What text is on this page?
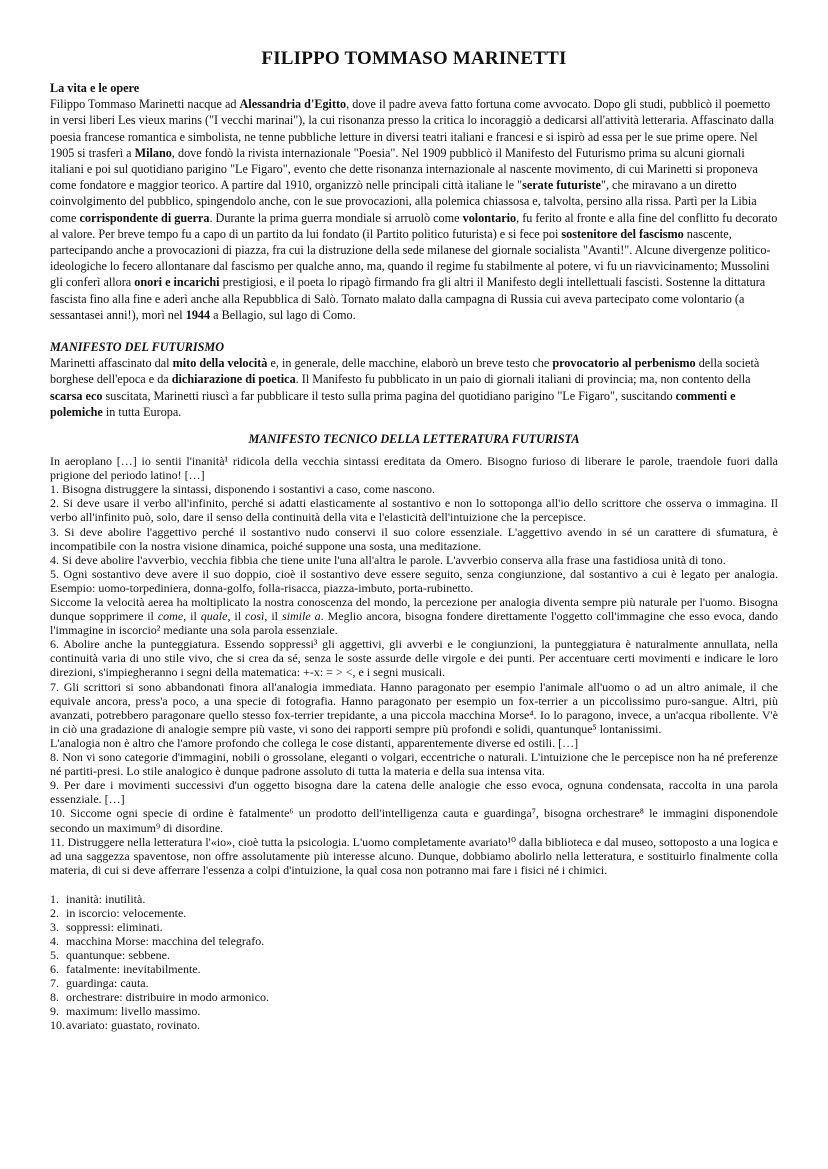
FILIPPO TOMMASO MARINETTI
La vita e le opere

Filippo Tommaso Marinetti nacque ad Alessandria d'Egitto, dove il padre aveva fatto fortuna come avvocato. Dopo gli studi, pubblicò il poemetto in versi liberi Les vieux marins ("I vecchi marinai"), la cui risonanza presso la critica lo incoraggiò a dedicarsi all'attività letteraria. Affascinato dalla poesia francese romantica e simbolista, ne tenne pubbliche letture in diversi teatri italiani e francesi e si ispirò ad essa per le sue prime opere. Nel 1905 si trasferì a Milano, dove fondò la rivista internazionale "Poesia". Nel 1909 pubblicò il Manifesto del Futurismo prima su alcuni giornali italiani e poi sul quotidiano parigino "Le Figaro", evento che dette risonanza internazionale al nascente movimento, di cui Marinetti si proponeva come fondatore e maggior teorico. A partire dal 1910, organizzò nelle principali città italiane le "serate futuriste", che miravano a un diretto coinvolgimento del pubblico, spingendolo anche, con le sue provocazioni, alla polemica chiassosa e, talvolta, persino alla rissa. Partì per la Libia come corrispondente di guerra. Durante la prima guerra mondiale si arruolò come volontario, fu ferito al fronte e alla fine del conflitto fu decorato al valore. Per breve tempo fu a capo di un partito da lui fondato (il Partito politico futurista) e si fece poi sostenitore del fascismo nascente, partecipando anche a provocazioni di piazza, fra cui la distruzione della sede milanese del giornale socialista "Avanti!". Alcune divergenze politico-ideologiche lo fecero allontanare dal fascismo per qualche anno, ma, quando il regime fu stabilmente al potere, vi fu un riavvicinamento; Mussolini gli conferì allora onori e incarichi prestigiosi, e il poeta lo ripagò firmando fra gli altri il Manifesto degli intellettuali fascisti. Sostenne la dittatura fascista fino alla fine e aderì anche alla Repubblica di Salò. Tornato malato dalla campagna di Russia cui aveva partecipato come volontario (a sessantasei anni!), morì nel 1944 a Bellagio, sul lago di Como.

MANIFESTO DEL FUTURISMO

Marinetti affascinato dal mito della velocità e, in generale, delle macchine, elaborò un breve testo che provocatorio al perbenismo della società borghese dell'epoca e da dichiarazione di poetica. Il Manifesto fu pubblicato in un paio di giornali italiani di provincia; ma, non contento della scarsa eco suscitata, Marinetti riuscì a far pubblicare il testo sulla prima pagina del quotidiano parigino "Le Figaro", suscitando commenti e polemiche in tutta Europa.

MANIFESTO TECNICO DELLA LETTERATURA FUTURISTA

In aeroplano […] io sentii l'inanità¹ ridicola della vecchia sintassi ereditata da Omero. Bisogno furioso di liberare le parole, traendole fuori dalla prigione del periodo latino! […]

1. Bisogna distruggere la sintassi, disponendo i sostantivi a caso, come nascono.

2. Si deve usare il verbo all'infinito, perché si adatti elasticamente al sostantivo e non lo sottoponga all'io dello scrittore che osserva o immagina. Il verbo all'infinito può, solo, dare il senso della continuità della vita e l'elasticità dell'intuizione che la percepisce.

3. Si deve abolire l'aggettivo perché il sostantivo nudo conservi il suo colore essenziale. L'aggettivo avendo in sé un carattere di sfumatura, è incompatibile con la nostra visione dinamica, poiché suppone una sosta, una meditazione.

4. Si deve abolire l'avverbio, vecchia fibbia che tiene unite l'una all'altra le parole. L'avverbio conserva alla frase una fastidiosa unità di tono.

5. Ogni sostantivo deve avere il suo doppio, cioè il sostantivo deve essere seguito, senza congiunzione, dal sostantivo a cui è legato per analogia. Esempio: uomo-torpediniera, donna-golfo, folla-risacca, piazza-imbuto, porta-rubinetto.

Siccome la velocità aerea ha moltiplicato la nostra conoscenza del mondo, la percezione per analogia diventa sempre più naturale per l'uomo. Bisogna dunque sopprimere il come, il quale, il così, il simile a. Meglio ancora, bisogna fondere direttamente l'oggetto coll'immagine che esso evoca, dando l'immagine in iscorcio² mediante una sola parola essenziale.

6. Abolire anche la punteggiatura. Essendo soppressi³ gli aggettivi, gli avverbi e le congiunzioni, la punteggiatura è naturalmente annullata, nella continuità varia di uno stile vivo, che si crea da sé, senza le soste assurde delle virgole e dei punti. Per accentuare certi movimenti e indicare le loro direzioni, s'impiegheranno i segni della matematica: +-x: = > <, e i segni musicali.

7. Gli scrittori si sono abbandonati finora all'analogia immediata. Hanno paragonato per esempio l'animale all'uomo o ad un altro animale, il che equivale ancora, press'a poco, a una specie di fotografia. Hanno paragonato per esempio un fox-terrier a un piccolissimo puro-sangue. Altri, più avanzati, potrebbero paragonare quello stesso fox-terrier trepidante, a una piccola macchina Morse⁴. Io lo paragono, invece, a un'acqua ribollente. V'è in ciò una gradazione di analogie sempre più vaste, vi sono dei rapporti sempre più profondi e solidi, quantunque⁵ lontanissimi.

L'analogia non è altro che l'amore profondo che collega le cose distanti, apparentemente diverse ed ostili. […]

8. Non vi sono categorie d'immagini, nobili o grossolane, eleganti o volgari, eccentriche o naturali. L'intuizione che le percepisce non ha né preferenze né partiti-presi. Lo stile analogico è dunque padrone assoluto di tutta la materia e della sua intensa vita.

9. Per dare i movimenti successivi d'un oggetto bisogna dare la catena delle analogie che esso evoca, ognuna condensata, raccolta in una parola essenziale. […]

10. Siccome ogni specie di ordine è fatalmente⁶ un prodotto dell'intelligenza cauta e guardinga⁷, bisogna orchestrare⁸ le immagini disponendole secondo un maximum⁹ di disordine.

11. Distruggere nella letteratura l'«io», cioè tutta la psicologia. L'uomo completamente avariato¹⁰ dalla biblioteca e dal museo, sottoposto a una logica e ad una saggezza spaventose, non offre assolutamente più interesse alcuno. Dunque, dobbiamo abolirlo nella letteratura, e sostituirlo finalmente colla materia, di cui si deve afferrare l'essenza a colpi d'intuizione, la qual cosa non potranno mai fare i fisici né i chimici.

1. inanità: inutilità.
2. in iscorcio: velocemente.
3. soppressi: eliminati.
4. macchina Morse: macchina del telegrafo.
5. quantunque: sebbene.
6. fatalmente: inevitabilmente.
7. guardinga: cauta.
8. orchestrare: distribuire in modo armonico.
9. maximum: livello massimo.
10. avariato: guastato, rovinato.
